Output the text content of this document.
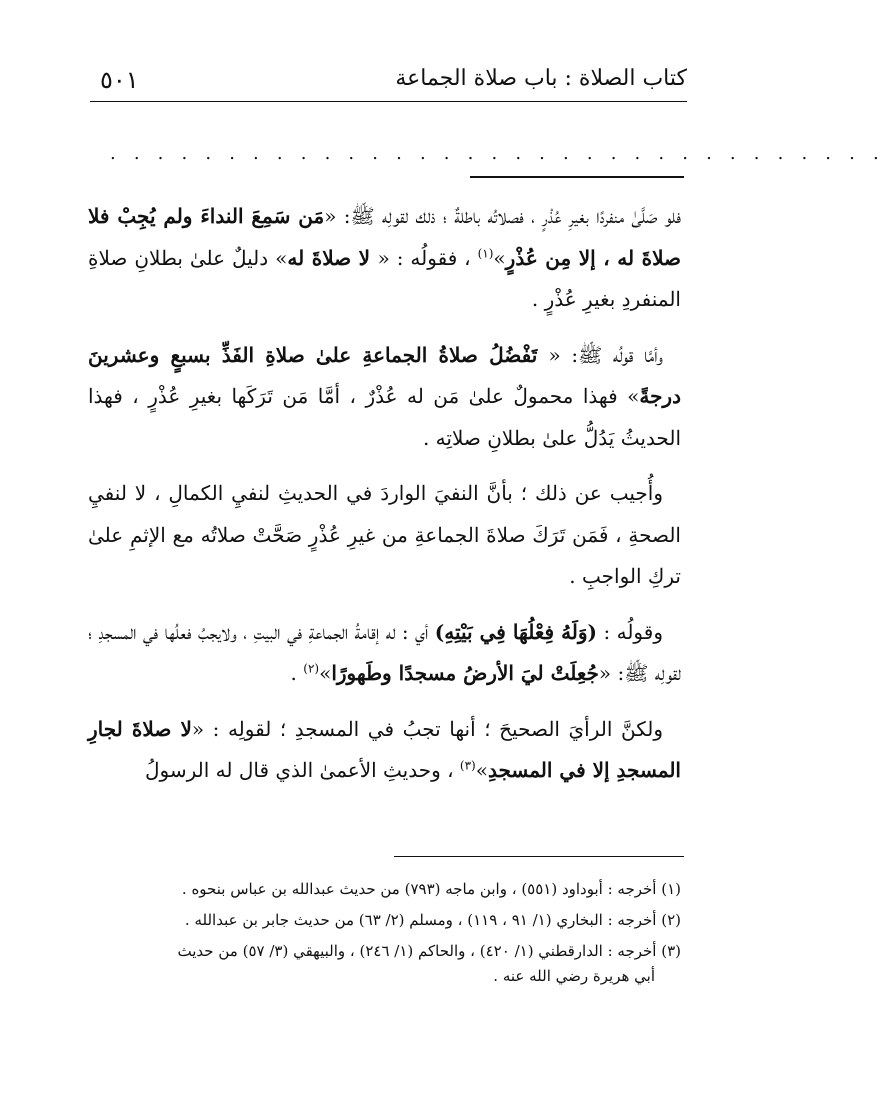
كتاب الصلاة : باب صلاة الجماعة
٥٠١
. . . . . . . . . . . . . . . . . . . . . . . . . . . . . . . . .

فلو صَلَّىٰ منفردًا بغيرِ عُذْرٍ ، فصلاتُه باطلةٌ ؛ ذلك لقولِه ﷺ: «مَن سَمِعَ النداءَ ولم يُجِبْ فلا صلاةَ له ، إلا مِن عُذْرٍ»$^{(١)}$ ، فقولُه : « لا صلاةَ له» دليلٌ علىٰ بطلانِ صلاةِ المنفردِ بغيرِ عُذْرٍ .

وأمَّا قولُه ﷺ: « تَفْضُلُ صلاةُ الجماعةِ علىٰ صلاةِ الفَذِّ بسبعٍ وعشرينَ درجةً» فهذا محمولٌ علىٰ مَن له عُذْرٌ ، أمَّا مَن تَرَكَها بغيرِ عُذْرٍ ، فهذا الحديثُ يَدُلُّ علىٰ بطلانِ صلاتِه .

وأُجيب عن ذلك ؛ بأنَّ النفيَ الواردَ في الحديثِ لنفيِ الكمالِ ، لا لنفيِ الصحةِ ، فَمَن تَرَكَ صلاةَ الجماعةِ من غيرِ عُذْرٍ صَحَّتْ صلاتُه مع الإثمِ علىٰ تركِ الواجبِ .

وقولُه : (وَلَهُ فِعْلُهَا فِي بَيْتِهِ) أي : له إقامةُ الجماعةِ في البيتِ ، ولايجبُ فعلُها في المسجدِ ؛ لقولِه ﷺ: «جُعِلَتْ ليَ الأرضُ مسجدًا وطَهورًا»$^{(٢)}$ .

ولكنَّ الرأيَ الصحيحَ ؛ أنها تجبُ في المسجدِ ؛ لقولِه : «لا صلاةَ لجارِ المسجدِ إلا في المسجدِ»$^{(٣)}$ ، وحديثِ الأعمىٰ الذي قال له الرسولُ

(١) أخرجه : أبوداود (٥٥١) ، وابن ماجه (٧٩٣) من حديث عبدالله بن عباس بنحوه .

(٢) أخرجه : البخاري (١/ ٩١ ، ١١٩) ، ومسلم (٢/ ٦٣) من حديث جابر بن عبدالله .

(٣) أخرجه : الدارقطني (١/ ٤٢٠) ، والحاكم (١/ ٢٤٦) ، والبيهقي (٣/ ٥٧) من حديث
أبي هريرة رضي الله عنه .
